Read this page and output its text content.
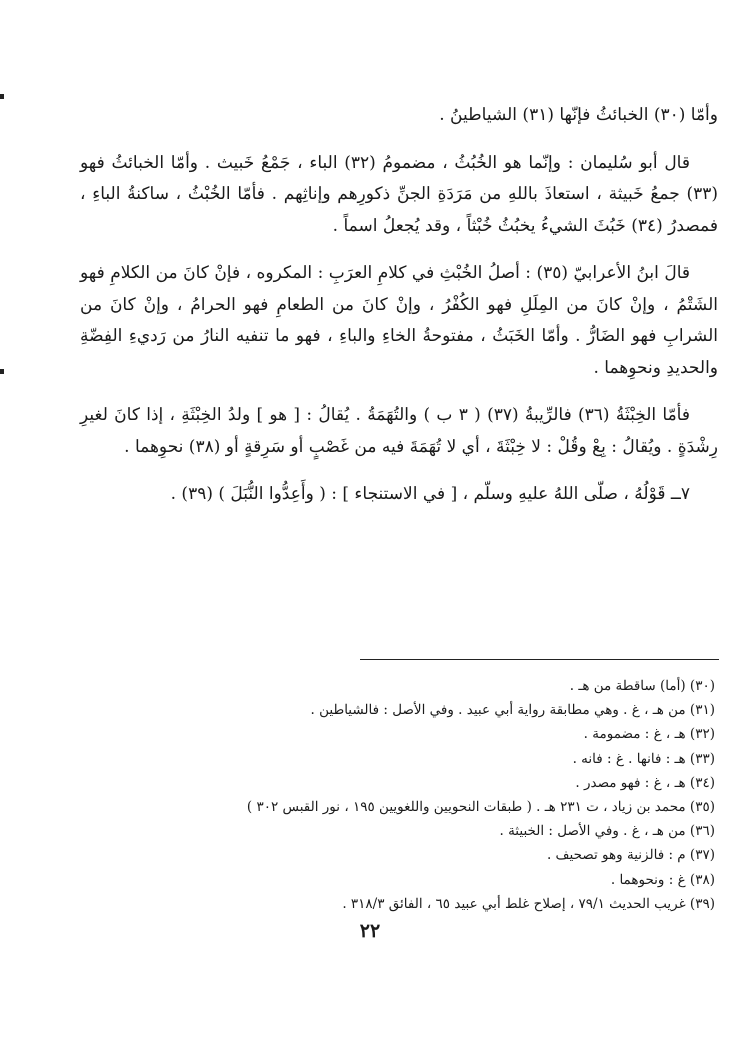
وأمّا (٣٠) الخبائثُ فإنّها (٣١) الشياطينُ .

قال أبو سُليمان : وإنّما هو الخُبُثُ ، مضمومُ (٣٢) الباء ، جَمْعُ خَبيث . وأمّا الخبائثُ فهو (٣٣) جمعُ خَبيثة ، استعاذَ باللهِ من مَرَدَةِ الجنِّ ذكورِهم وإناثِهم . فأمّا الخُبْثُ ، ساكنةُ الباءِ ، فمصدرُ (٣٤) خَبُثَ الشيءُ يخبُثُ خُبْثاً ، وقد يُجعلُ اسماً .

قالَ ابنُ الأعرابيّ (٣٥) : أصلُ الخُبْثِ في كلامِ العرَبِ : المكروه ، فإنْ كانَ من الكلامِ فهو الشَتْمُ ، وإنْ كانَ من المِلَلِ فهو الكُفْرُ ، وإنْ كانَ من الطعامِ فهو الحرامُ ، وإنْ كانَ من الشرابِ فهو الضَارُّ . وأمّا الخَبَثُ ، مفتوحةُ الخاءِ والباءِ ، فهو ما تنفيه النارُ من رَديءِ الفِضّةِ والحديدِ ونحوِهما .

فأمّا الخِبْثَةُ (٣٦) فالرِّيبةُ (٣٧) ( ٣ ب ) والتُهَمَةُ . يُقالُ : [ هو ] ولدُ الخِبْثَةِ ، إذا كانَ لغيرِ رِشْدَةٍ . ويُقالُ : بِعْ وقُلْ : لا خِبْثَةَ ، أي لا تُهَمَةَ فيه من غَصْبٍ أو سَرِقةٍ أو (٣٨) نحوِهما .

٧ــ قَوْلُهُ ، صلّى اللهُ عليهِ وسلّم ، [ في الاستنجاء ] : ( وأَعِدُّوا النُّبَلَ ) (٣٩) .

(٣٠) (أما) ساقطة من هـ .
(٣١) من هـ ، غ . وهي مطابقة رواية أبي عبيد . وفي الأصل : فالشياطين .
(٣٢) هـ ، غ : مضمومة .
(٣٣) هـ : فانها . غ : فانه .
(٣٤) هـ ، غ : فهو مصدر .
(٣٥) محمد بن زياد ، ت ٢٣١ هـ . ( طبقات النحويين واللغويين ١٩٥ ، نور القبس ٣٠٢ )
(٣٦) من هـ ، غ . وفي الأصل : الخبيثة .
(٣٧) م : فالزنية وهو تصحيف .
(٣٨) غ : ونحوهما .
(٣٩) غريب الحديث ٧٩/١ ، إصلاح غلط أبي عبيد ٦٥ ، الفائق ٣١٨/٣ .
٢٢
